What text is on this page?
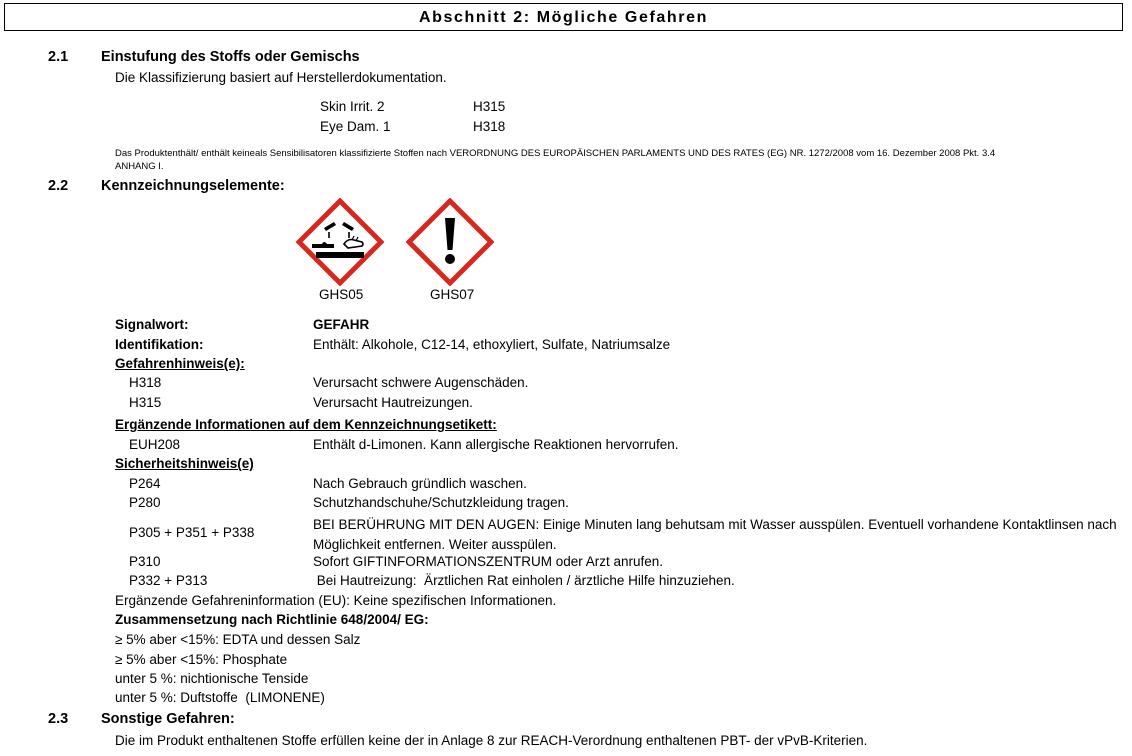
Abschnitt 2: Mögliche Gefahren
2.1 Einstufung des Stoffs oder Gemischs
Die Klassifizierung basiert auf Herstellerdokumentation.
Skin Irrit. 2	H315
Eye Dam. 1	H318
Das Produktenthält/ enthält keineals Sensibilisatoren klassifizierte Stoffen nach VERORDNUNG DES EUROPÄISCHEN PARLAMENTS UND DES RATES (EG) NR. 1272/2008 vom 16. Dezember 2008 Pkt. 3.4
ANHANG I.
2.2 Kennzeichnungselemente:
GHS05	GHS07
Signalwort:	GEFAHR
Identifikation:	Enthält: Alkohole, C12-14, ethoxyliert, Sulfate, Natriumsalze
Gefahrenhinweis(e):
H318	Verursacht schwere Augenschäden.
H315	Verursacht Hautreizungen.
Ergänzende Informationen auf dem Kennzeichnungsetikett:
EUH208	Enthält d-Limonen. Kann allergische Reaktionen hervorrufen.
Sicherheitshinweis(e)
P264	Nach Gebrauch gründlich waschen.
P280	Schutzhandschuhe/Schutzkleidung tragen.
P305 + P351 + P338
BEI BERÜHRUNG MIT DEN AUGEN: Einige Minuten lang behutsam mit Wasser ausspülen. Eventuell vorhandene Kontaktlinsen nach Möglichkeit entfernen. Weiter ausspülen.
P310	Sofort GIFTINFORMATIONSZENTRUM oder Arzt anrufen.
P332 + P313	Bei Hautreizung:  Ärztlichen Rat einholen / ärztliche Hilfe hinzuziehen.
Ergänzende Gefahreninformation (EU): Keine spezifischen Informationen.
Zusammensetzung nach Richtlinie 648/2004/ EG:
≥ 5% aber <15%: EDTA und dessen Salz
≥ 5% aber <15%: Phosphate
unter 5 %: nichtionische Tenside
unter 5 %: Duftstoffe  (LIMONENE)
2.3 Sonstige Gefahren:
Die im Produkt enthaltenen Stoffe erfüllen keine der in Anlage 8 zur REACH-Verordnung enthaltenen PBT- der vPvB-Kriterien.
